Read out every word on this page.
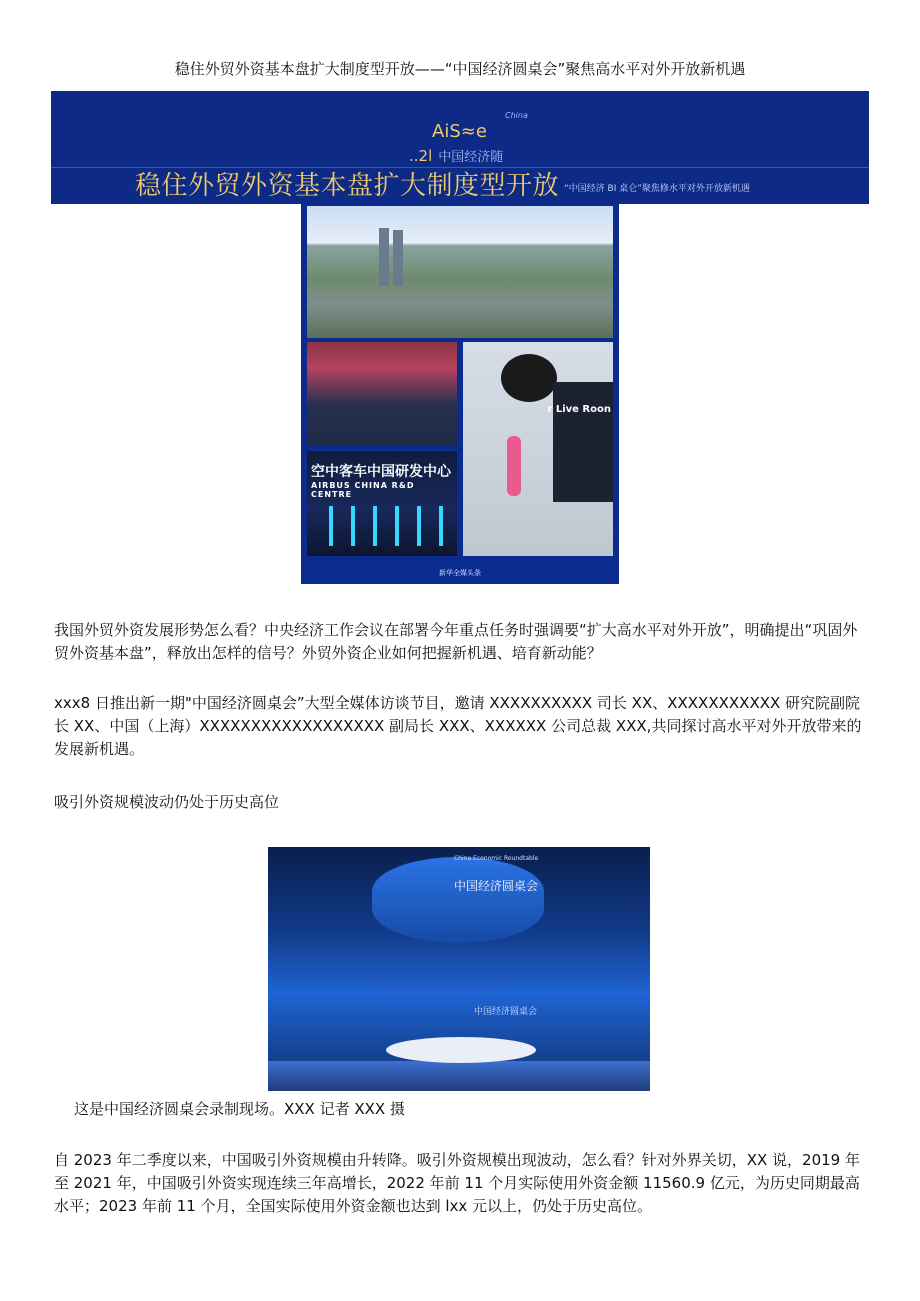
稳住外贸外资基本盘扩大制度型开放——“中国经济圆桌会”聚焦高水平对外开放新机遇
China
AiS≈e
..2l 中国经济随
稳住外贸外资基本盘扩大制度型开放 “中国经济 BI 桌仑”聚焦修水平对外开放新机遇
空中客车中国研发中心
AIRBUS CHINA R&D CENTRE
r Live Roon
新华全媒头条

我国外贸外资发展形势怎么看？中央经济工作会议在部署今年重点任务时强调要“扩大高水平对外开放”，明确提出“巩固外贸外资基本盘”，释放出怎样的信号？外贸外资企业如何把握新机遇、培育新动能？

xxx8 日推出新一期"中国经济圆桌会”大型全媒体访谈节目，邀请 XXXXXXXXXX 司长 XX、XXXXXXXXXXX 研究院副院长 XX、中国（上海）XXXXXXXXXXXXXXXXXX 副局长 XXX、XXXXXX 公司总裁 XXX,共同探讨高水平对外开放带来的发展新机遇。

吸引外资规模波动仍处于历史高位
China Economic Roundtable
中国经济圆桌会
中国经济圆桌会
这是中国经济圆桌会录制现场。XXX 记者 XXX 摄

自 2023 年二季度以来，中国吸引外资规模由升转降。吸引外资规模出现波动，怎么看？针对外界关切，XX 说，2019 年至 2021 年，中国吸引外资实现连续三年高增长，2022 年前 11 个月实际使用外资金额 11560.9 亿元，为历史同期最高水平；2023 年前 11 个月，全国实际使用外资金额也达到 lxx 元以上，仍处于历史高位。
